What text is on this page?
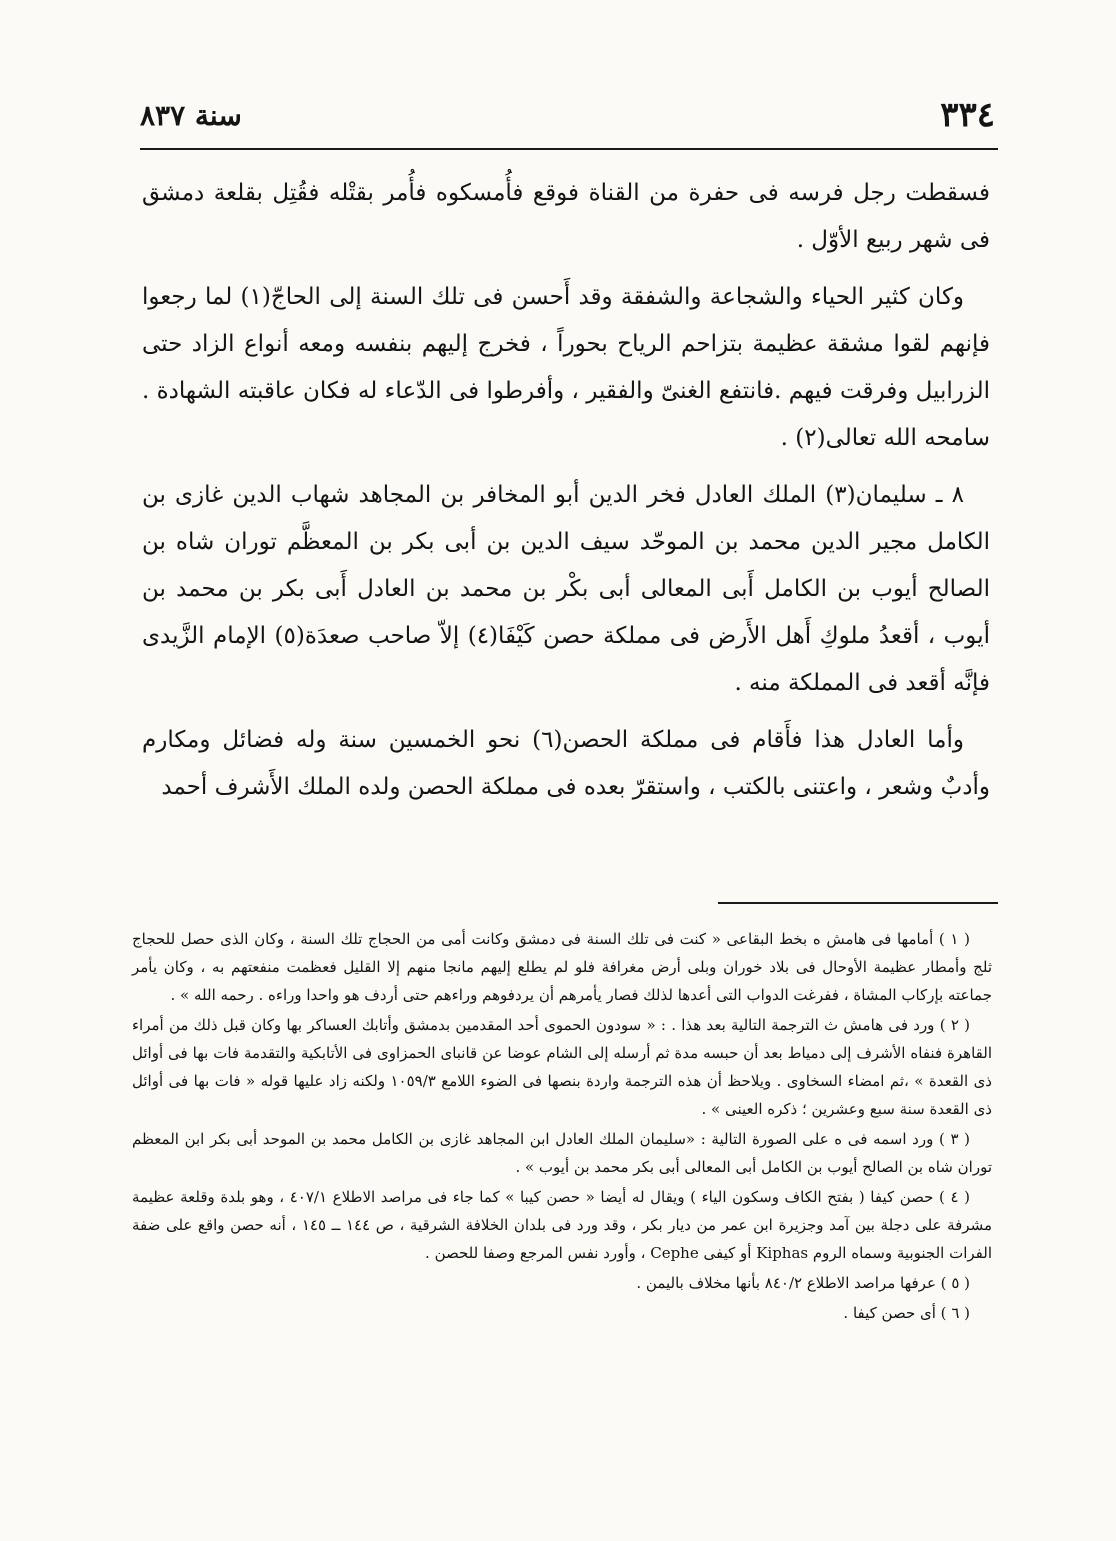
٣٣٤
سنة ٨٣٧

فسقطت رجل فرسه فى حفرة من القناة فوقع فأُمسكوه فأُمر بقتْله فقُتِل بقلعة دمشق فى شهر ربيع الأوّل .

وكان كثير الحياء والشجاعة والشفقة وقد أَحسن فى تلك السنة إلى الحاجّ(١) لما رجعوا فإنهم لقوا مشقة عظيمة بتزاحم الرياح بحوراً ، فخرج إليهم بنفسه ومعه أنواع الزاد حتى الزرابيل وفرقت فيهم .فانتفع الغنىّ والفقير ، وأفرطوا فى الدّعاء له فكان عاقبته الشهادة . سامحه الله تعالى(٢) .

٨ ـ سليمان(٣) الملك العادل فخر الدين أبو المخافر بن المجاهد شهاب الدين غازى بن الكامل مجير الدين محمد بن الموحّد سيف الدين بن أبى بكر بن المعظَّم توران شاه بن الصالح أيوب بن الكامل أَبى المعالى أبى بكْر بن محمد بن العادل أَبى بكر بن محمد بن أيوب ، أقعدُ ملوكِ أَهل الأَرض فى مملكة حصن كَيْفَا(٤) إلاّ صاحب صعدَة(٥) الإمام الزَّيدى فإنَّه أقعد فى المملكة منه .

وأما العادل هذا فأَقام فى مملكة الحصن(٦) نحو الخمسين سنة وله فضائل ومكارم وأدبٌ وشعر ، واعتنى بالكتب ، واستقرّ بعده فى مملكة الحصن ولده الملك الأَشرف أحمد

( ١ ) أمامها فى هامش ه بخط البقاعى « كنت فى تلك السنة فى دمشق وكانت أمى من الحجاج تلك السنة ، وكان الذى حصل للحجاج ثلج وأمطار عظيمة الأوحال فى بلاد خوران وبلى أرض مغرافة فلو لم يطلع إليهم مانجا منهم إلا القليل فعظمت منفعتهم به ، وكان يأمر جماعته بإركاب المشاة ، ففرغت الدواب التى أعدها لذلك فصار يأمرهم أن يردفوهم وراءهم حتى أردف هو واحدا وراءه . رحمه الله » .

( ٢ ) ورد فى هامش ث الترجمة التالية بعد هذا . : « سودون الحموى أحد المقدمين بدمشق وأتابك العساكر بها وكان قبل ذلك من أمراء القاهرة فنفاه الأشرف إلى دمياط بعد أن حبسه مدة ثم أرسله إلى الشام عوضا عن قانباى الحمزاوى فى الأتابكية والتقدمة فات بها فى أوائل ذى القعدة » ،ثم امضاء السخاوى . ويلاحظ أن هذه الترجمة واردة بنصها فى الضوء اللامع ١٠٥٩/٣ ولكنه زاد عليها قوله « فات بها فى أوائل ذى القعدة سنة سبع وعشرين ؛ ذكره العينى » .

( ٣ ) ورد اسمه فى ه على الصورة التالية : «سليمان الملك العادل ابن المجاهد غازى بن الكامل محمد بن الموحد أبى بكر ابن المعظم توران شاه بن الصالح أيوب بن الكامل أبى المعالى أبى بكر محمد بن أيوب » .

( ٤ ) حصن كيفا ( بفتح الكاف وسكون الياء ) ويقال له أيضا « حصن كيبا » كما جاء فى مراصد الاطلاع ٤٠٧/١ ، وهو بلدة وقلعة عظيمة مشرفة على دجلة بين آمد وجزيرة ابن عمر من ديار بكر ، وقد ورد فى بلدان الخلافة الشرقية ، ص ١٤٤ ــ ١٤٥ ، أنه حصن واقع على ضفة الفرات الجنوبية وسماه الروم Kiphas أو كيفى Cephe ، وأورد نفس المرجع وصفا للحصن .

( ٥ ) عرفها مراصد الاطلاع ٨٤٠/٢ بأنها مخلاف باليمن .

( ٦ ) أى حصن كيفا .
